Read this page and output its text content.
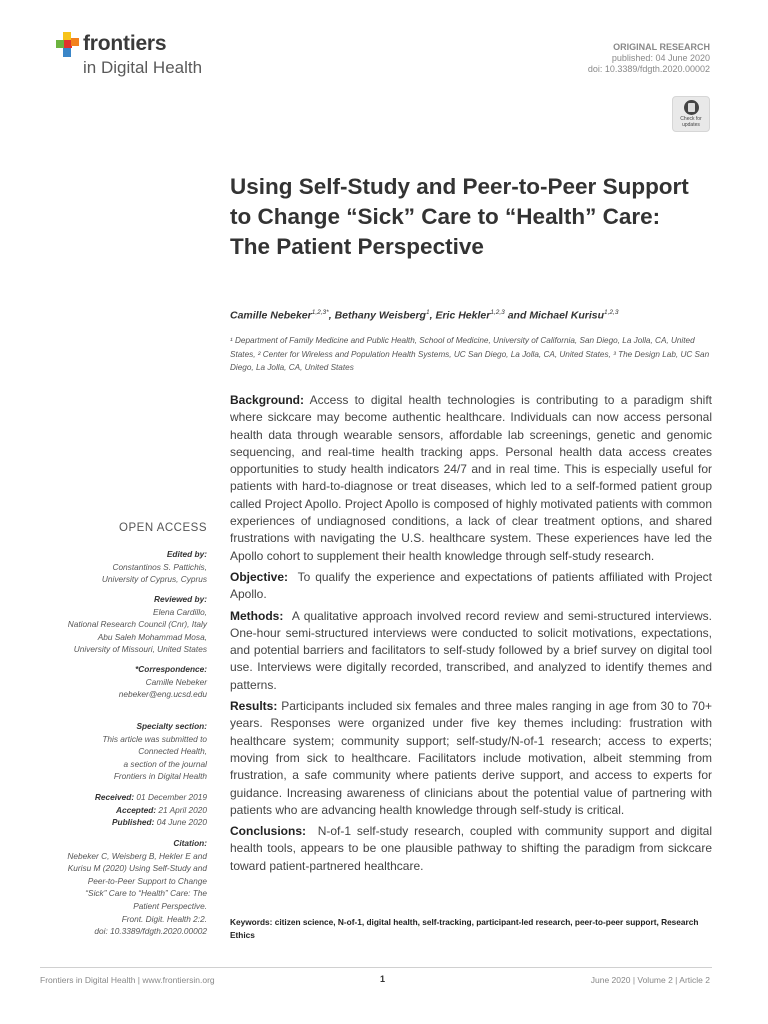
frontiers
in Digital Health
ORIGINAL RESEARCH
published: 04 June 2020
doi: 10.3389/fdgth.2020.00002
Check for updates
Using Self-Study and Peer-to-Peer Support to Change “Sick” Care to “Health” Care: The Patient Perspective
Camille Nebeker$^{1,2,3*}$, Bethany Weisberg$^1$, Eric Hekler$^{1,2,3}$ and Michael Kurisu$^{1,2,3}$
¹ Department of Family Medicine and Public Health, School of Medicine, University of California, San Diego, La Jolla, CA, United States, ² Center for Wireless and Population Health Systems, UC San Diego, La Jolla, CA, United States, ³ The Design Lab, UC San Diego, La Jolla, CA, United States

Background: Access to digital health technologies is contributing to a paradigm shift where sickcare may become authentic healthcare. Individuals can now access personal health data through wearable sensors, affordable lab screenings, genetic and genomic sequencing, and real-time health tracking apps. Personal health data access creates opportunities to study health indicators 24/7 and in real time. This is especially useful for patients with hard-to-diagnose or treat diseases, which led to a self-formed patient group called Project Apollo. Project Apollo is composed of highly motivated patients with common experiences of undiagnosed conditions, a lack of clear treatment options, and shared frustrations with navigating the U.S. healthcare system. These experiences have led the Apollo cohort to supplement their health knowledge through self-study research.

Objective: To qualify the experience and expectations of patients affiliated with Project Apollo.

Methods: A qualitative approach involved record review and semi-structured interviews. One-hour semi-structured interviews were conducted to solicit motivations, expectations, and potential barriers and facilitators to self-study followed by a brief survey on digital tool use. Interviews were digitally recorded, transcribed, and analyzed to identify themes and patterns.

Results: Participants included six females and three males ranging in age from 30 to 70+ years. Responses were organized under five key themes including: frustration with healthcare system; community support; self-study/N-of-1 research; access to experts; moving from sick to healthcare. Facilitators include motivation, albeit stemming from frustration, a safe community where patients derive support, and access to experts for guidance. Increasing awareness of clinicians about the potential value of partnering with patients who are advancing health knowledge through self-study is critical.

Conclusions: N-of-1 self-study research, coupled with community support and digital health tools, appears to be one plausible pathway to shifting the paradigm from sickcare toward patient-partnered healthcare.

Keywords: citizen science, N-of-1, digital health, self-tracking, participant-led research, peer-to-peer support, Research Ethics
OPEN ACCESS
Edited by:
Constantinos S. Pattichis,
University of Cyprus, Cyprus
Reviewed by:
Elena Cardillo,
National Research Council (Cnr), Italy
Abu Saleh Mohammad Mosa,
University of Missouri, United States
*Correspondence:
Camille Nebeker
nebeker@eng.ucsd.edu
Specialty section:
This article was submitted to
Connected Health,
a section of the journal
Frontiers in Digital Health
Received: 01 December 2019
Accepted: 21 April 2020
Published: 04 June 2020
Citation:
Nebeker C, Weisberg B, Hekler E and
Kurisu M (2020) Using Self-Study and
Peer-to-Peer Support to Change
“Sick” Care to “Health” Care: The
Patient Perspective.
Front. Digit. Health 2:2.
doi: 10.3389/fdgth.2020.00002
Frontiers in Digital Health | www.frontiersin.org	1	June 2020 | Volume 2 | Article 2
